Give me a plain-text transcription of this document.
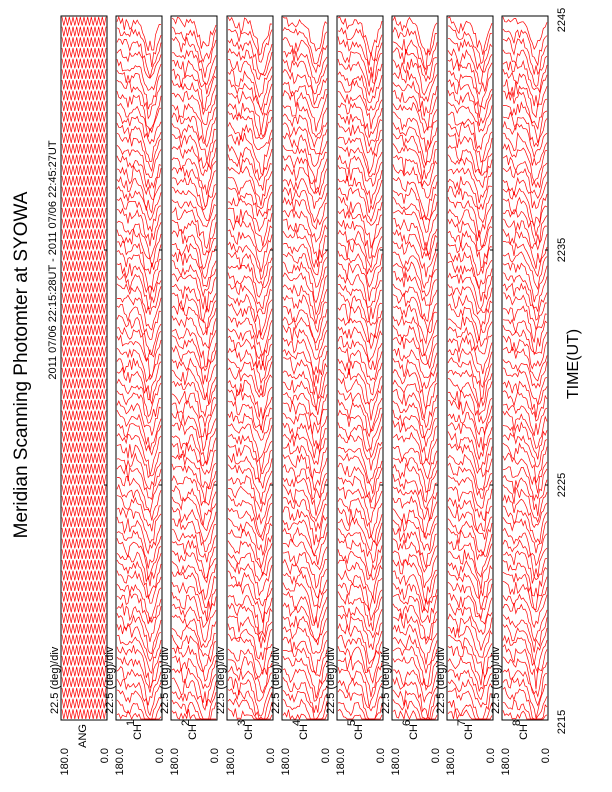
Meridian Scanning Photomter at SYOWA 2011 07/06 22:15:28UT - 2011 07/06 22:45:27UT	TIME(UT)
22.5 (deg)/div
180.0	0.0
ANG
22.5 (deg)/div
180.0	0.0
CH
1
22.5 (deg)/div
180.0	0.0
CH
2
22.5 (deg)/div
180.0	0.0
CH
3
22.5 (deg)/div
180.0	0.0
CH
4
22.5 (deg)/div
180.0	0.0
CH
5
22.5 (deg)/div
180.0	0.0
CH
6
22.5 (deg)/div
180.0	0.0
CH
7
22.5 (deg)/div
180.0	0.0
CH
8	2215
2225
2235
2245
